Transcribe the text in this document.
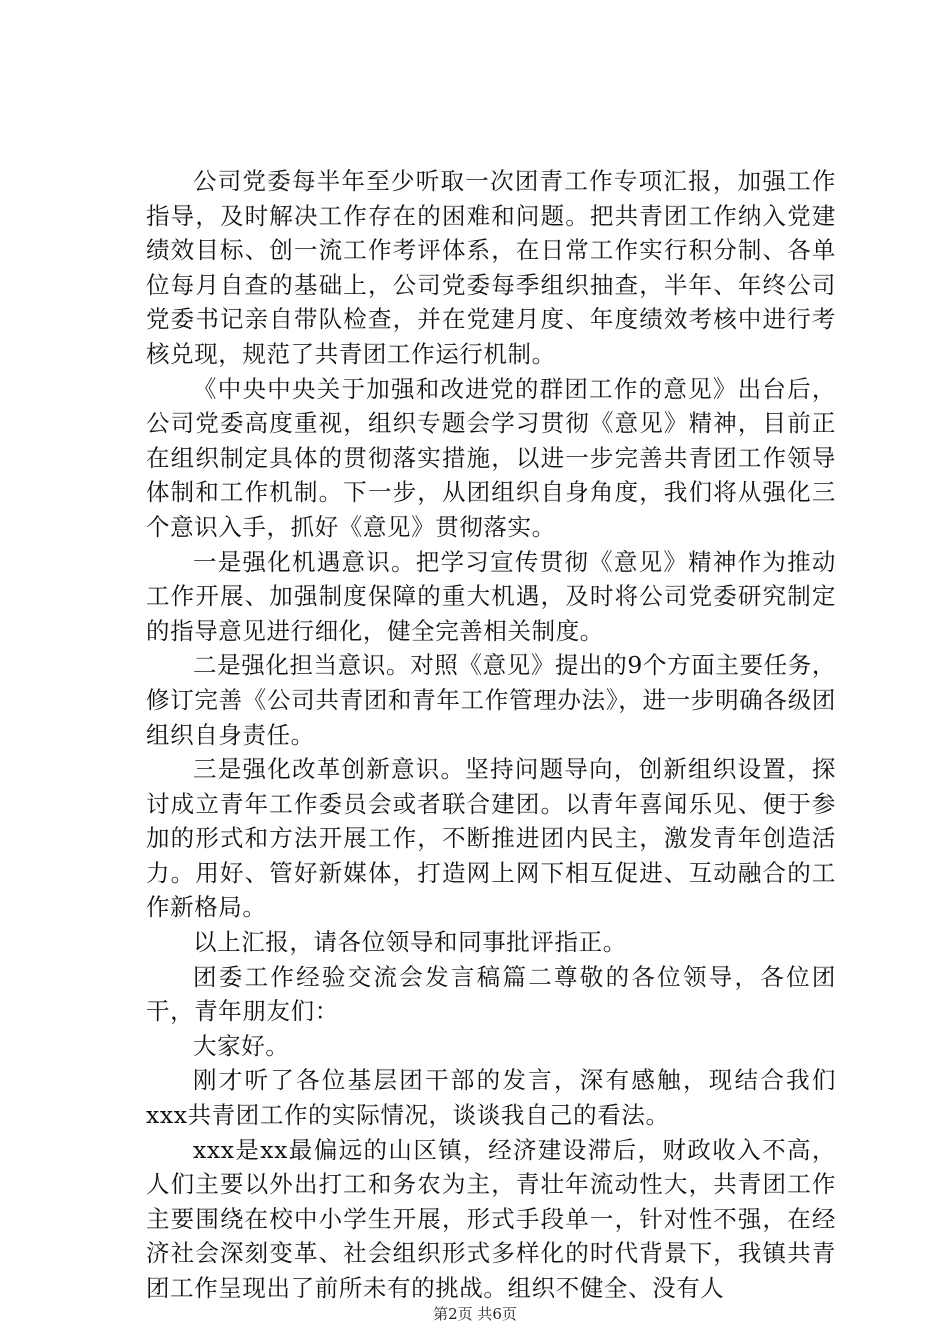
公司党委每半年至少听取一次团青工作专项汇报，加强工作指导，及时解决工作存在的困难和问题。把共青团工作纳入党建绩效目标、创一流工作考评体系，在日常工作实行积分制、各单位每月自查的基础上，公司党委每季组织抽查，半年、年终公司党委书记亲自带队检查，并在党建月度、年度绩效考核中进行考核兑现，规范了共青团工作运行机制。

《中央中央关于加强和改进党的群团工作的意见》出台后，公司党委高度重视，组织专题会学习贯彻《意见》精神，目前正在组织制定具体的贯彻落实措施，以进一步完善共青团工作领导体制和工作机制。下一步，从团组织自身角度，我们将从强化三个意识入手，抓好《意见》贯彻落实。

一是强化机遇意识。把学习宣传贯彻《意见》精神作为推动工作开展、加强制度保障的重大机遇，及时将公司党委研究制定的指导意见进行细化，健全完善相关制度。

二是强化担当意识。对照《意见》提出的9个方面主要任务，修订完善《公司共青团和青年工作管理办法》，进一步明确各级团组织自身责任。

三是强化改革创新意识。坚持问题导向，创新组织设置，探讨成立青年工作委员会或者联合建团。以青年喜闻乐见、便于参加的形式和方法开展工作，不断推进团内民主，激发青年创造活力。用好、管好新媒体，打造网上网下相互促进、互动融合的工作新格局。

以上汇报，请各位领导和同事批评指正。

团委工作经验交流会发言稿篇二尊敬的各位领导，各位团干，青年朋友们：

大家好。

刚才听了各位基层团干部的发言，深有感触，现结合我们xxx共青团工作的实际情况，谈谈我自己的看法。

xxx是xx最偏远的山区镇，经济建设滞后，财政收入不高，人们主要以外出打工和务农为主，青壮年流动性大，共青团工作主要围绕在校中小学生开展，形式手段单一，针对性不强，在经济社会深刻变革、社会组织形式多样化的时代背景下，我镇共青团工作呈现出了前所未有的挑战。组织不健全、没有人

第2页 共6页
